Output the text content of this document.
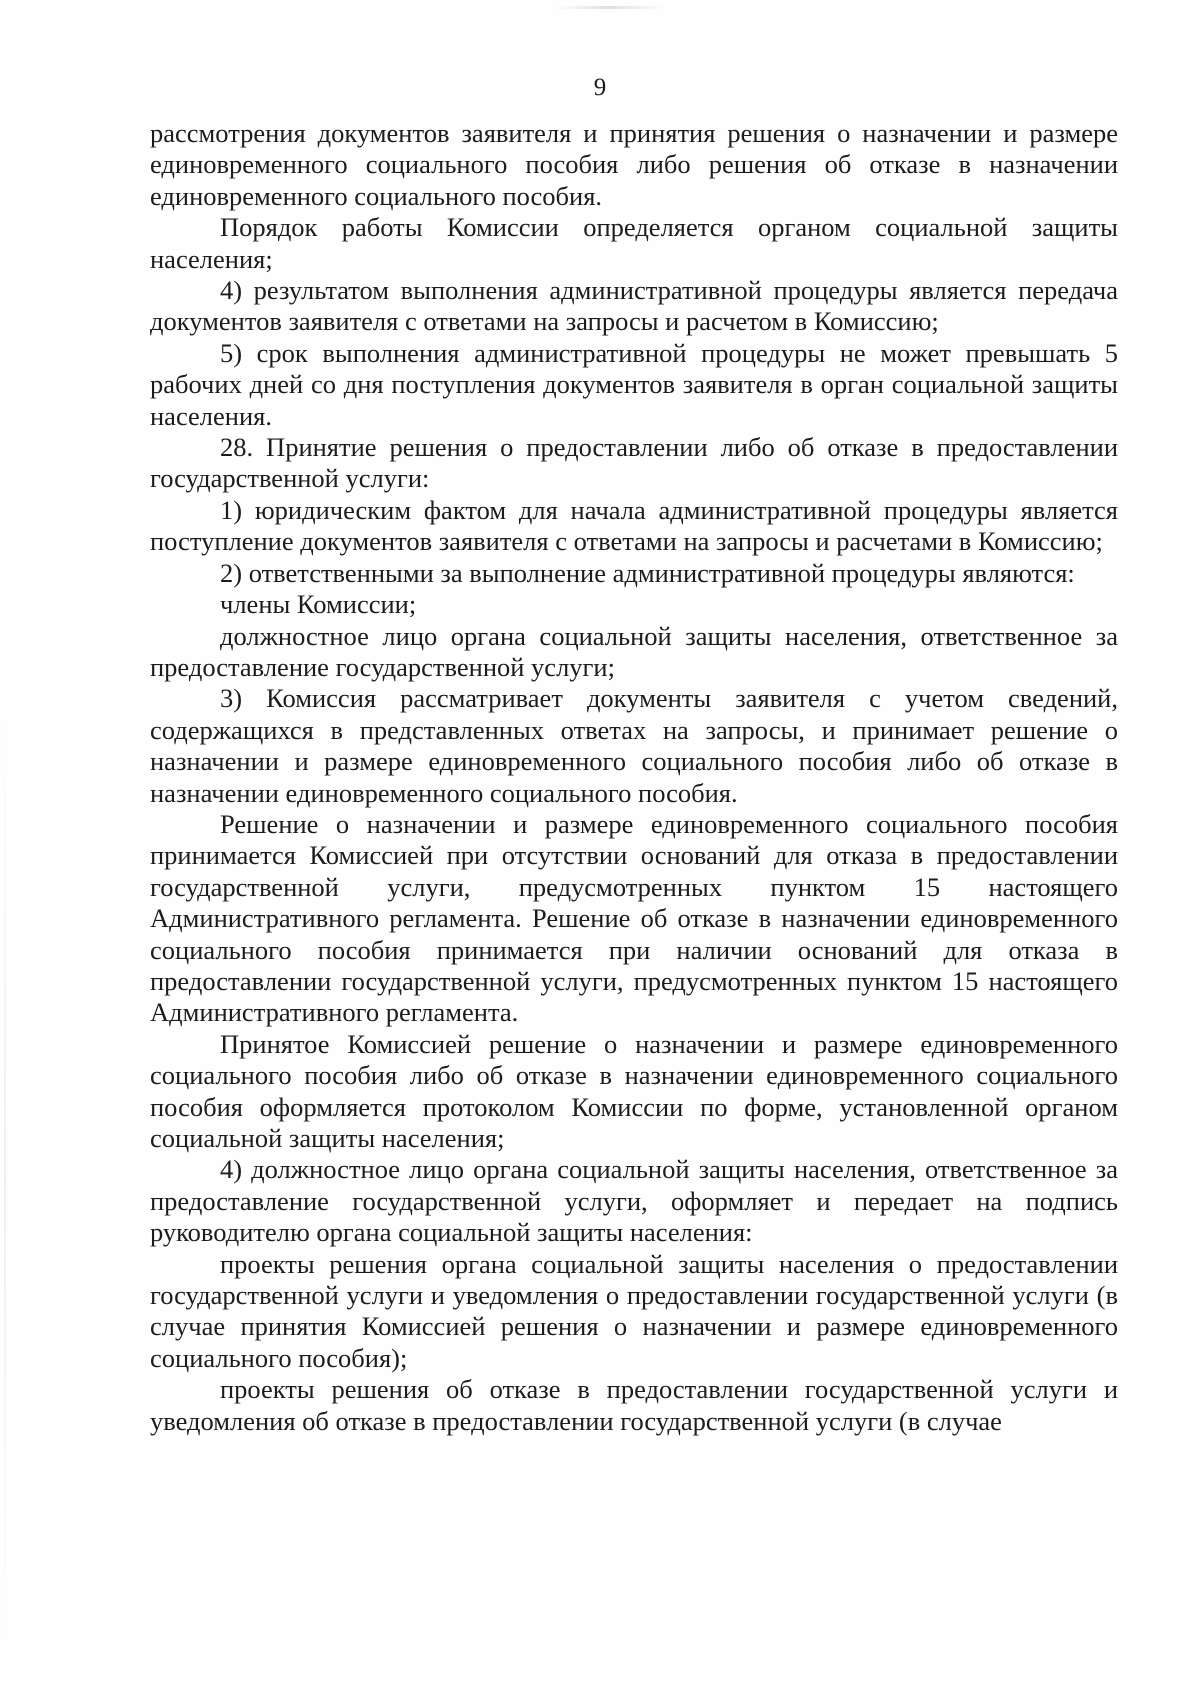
9

рассмотрения документов заявителя и принятия решения о назначении и размере единовременного социального пособия либо решения об отказе в назначении единовременного социального пособия.

Порядок работы Комиссии определяется органом социальной защиты населения;

4) результатом выполнения административной процедуры является передача документов заявителя с ответами на запросы и расчетом в Комиссию;

5) срок выполнения административной процедуры не может превышать 5 рабочих дней со дня поступления документов заявителя в орган социальной защиты населения.

28. Принятие решения о предоставлении либо об отказе в предоставлении государственной услуги:

1) юридическим фактом для начала административной процедуры является поступление документов заявителя с ответами на запросы и расчетами в Комиссию;

2) ответственными за выполнение административной процедуры являются:

члены Комиссии;

должностное лицо органа социальной защиты населения, ответственное за предоставление государственной услуги;

3) Комиссия рассматривает документы заявителя с учетом сведений, содержащихся в представленных ответах на запросы, и принимает решение о назначении и размере единовременного социального пособия либо об отказе в назначении единовременного социального пособия.

Решение о назначении и размере единовременного социального пособия принимается Комиссией при отсутствии оснований для отказа в предоставлении государственной услуги, предусмотренных пунктом 15 настоящего Административного регламента. Решение об отказе в назначении единовременного социального пособия принимается при наличии оснований для отказа в предоставлении государственной услуги, предусмотренных пунктом 15 настоящего Административного регламента.

Принятое Комиссией решение о назначении и размере единовременного социального пособия либо об отказе в назначении единовременного социального пособия оформляется протоколом Комиссии по форме, установленной органом социальной защиты населения;

4) должностное лицо органа социальной защиты населения, ответственное за предоставление государственной услуги, оформляет и передает на подпись руководителю органа социальной защиты населения:

проекты решения органа социальной защиты населения о предоставлении государственной услуги и уведомления о предоставлении государственной услуги (в случае принятия Комиссией решения о назначении и размере единовременного социального пособия);

проекты решения об отказе в предоставлении государственной услуги и уведомления об отказе в предоставлении государственной услуги (в случае
